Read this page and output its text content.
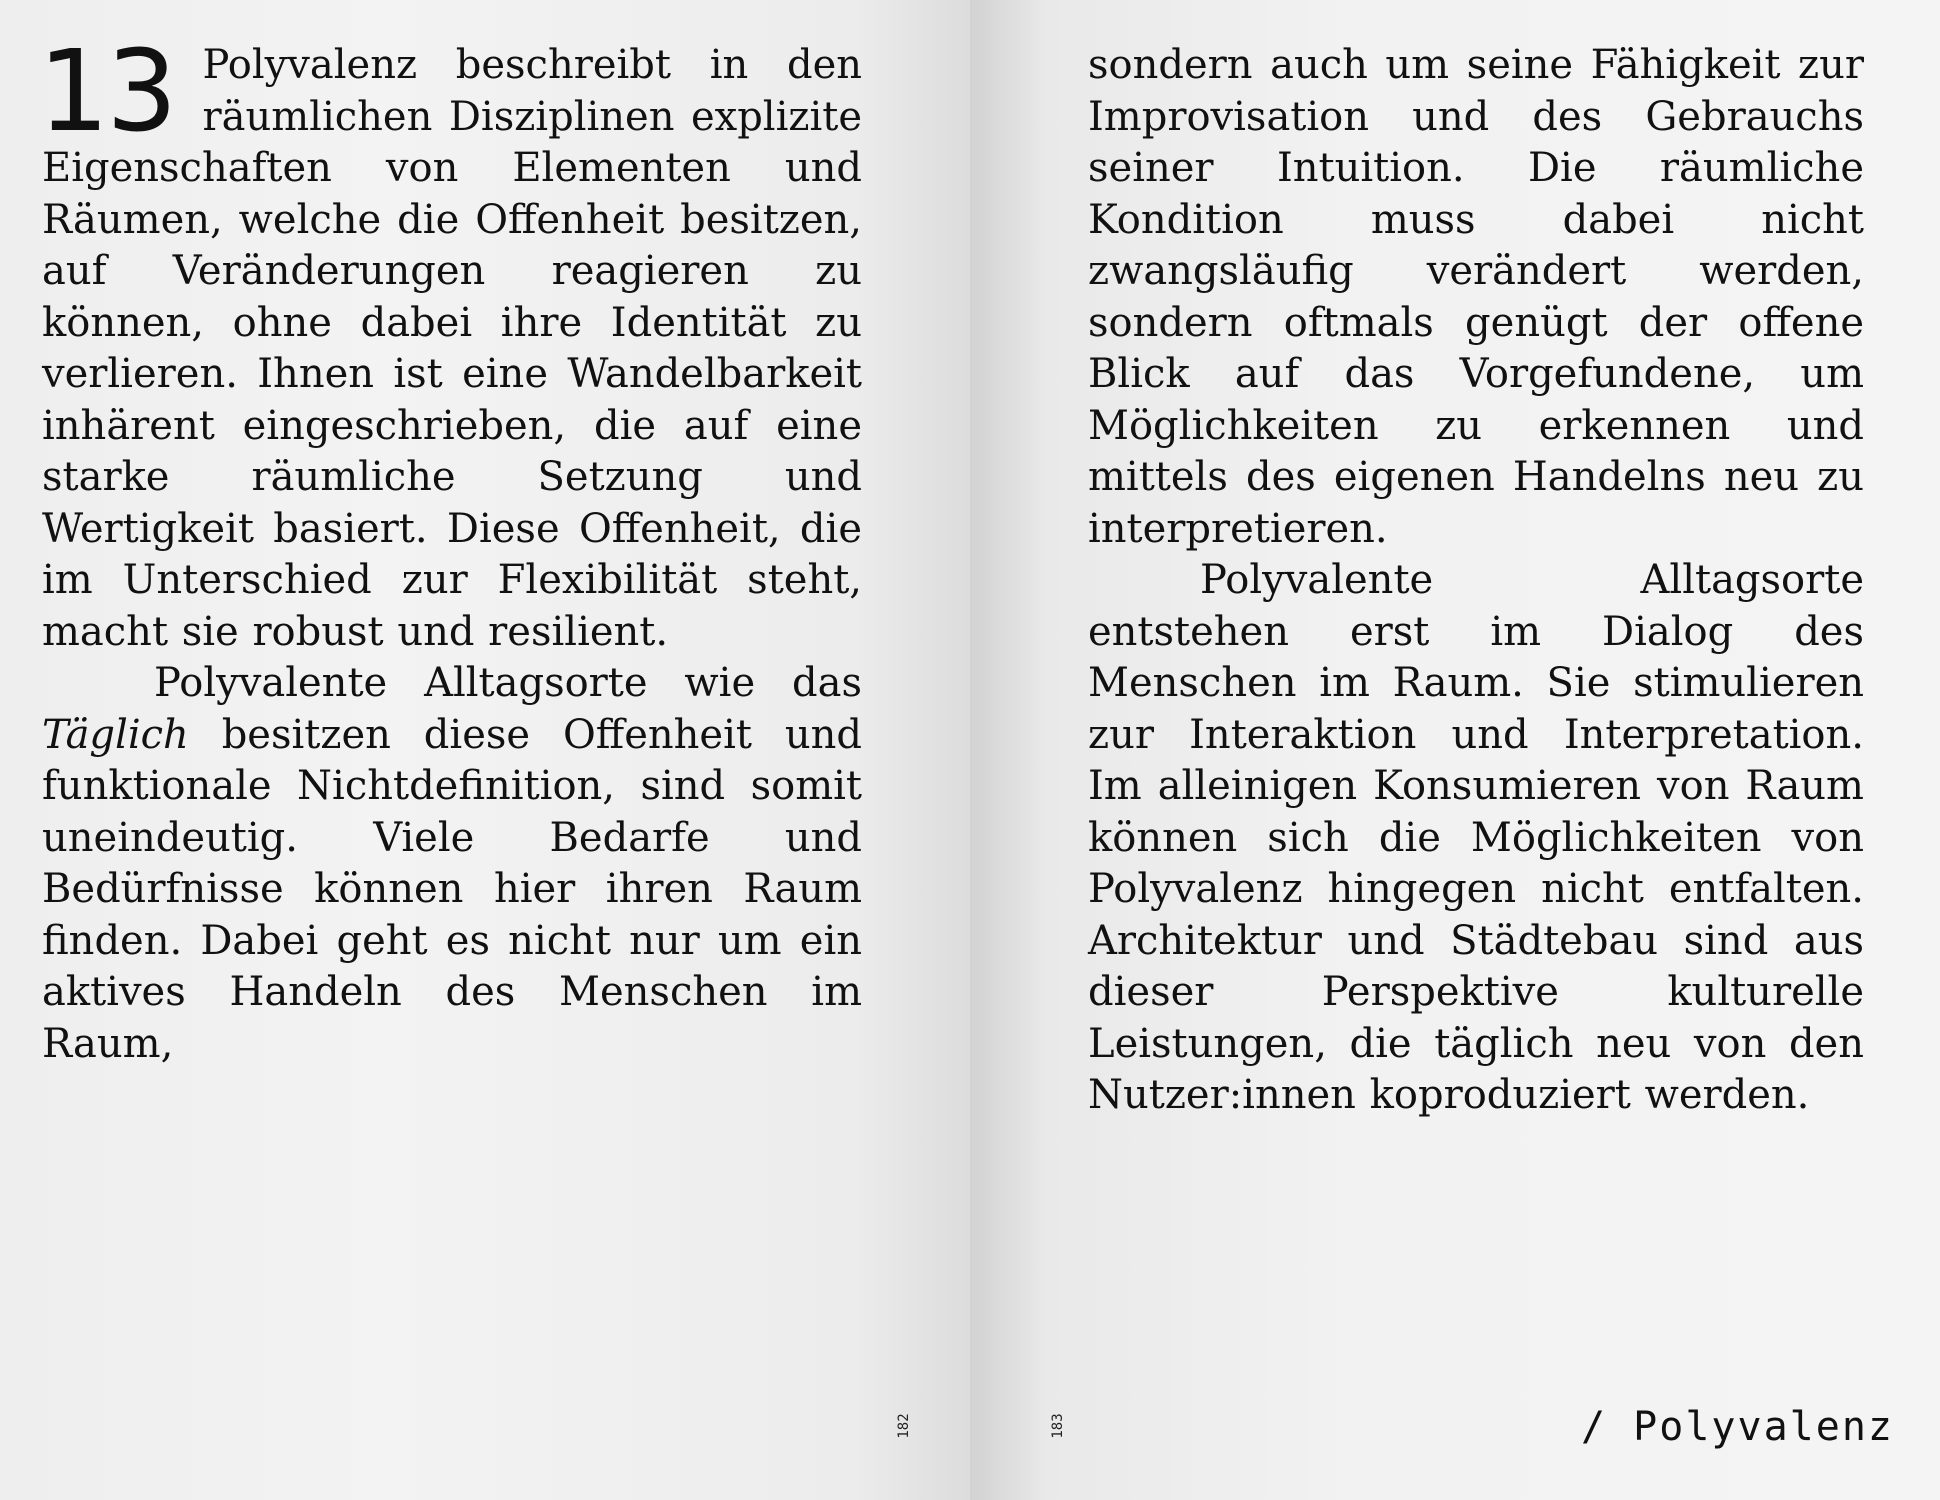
13 Polyvalenz beschreibt in den räumlichen Disziplinen explizite Eigenschaften von Elementen und Räumen, welche die Offenheit besitzen, auf Veränderungen reagieren zu können, ohne dabei ihre Identität zu verlieren. Ihnen ist eine Wandelbarkeit inhärent eingeschrieben, die auf eine starke räumliche Setzung und Wertigkeit basiert. Diese Offenheit, die im Unterschied zur Flexibilität steht, macht sie robust und resilient.

Polyvalente Alltagsorte wie das Täglich besitzen diese Offenheit und funktionale Nichtdefinition, sind somit uneindeutig. Viele Bedarfe und Bedürfnisse können hier ihren Raum finden. Dabei geht es nicht nur um ein aktives Handeln des Menschen im Raum,

182

sondern auch um seine Fähigkeit zur Improvisation und des Gebrauchs seiner Intuition. Die räumliche Kondition muss dabei nicht zwangsläufig verändert werden, sondern oftmals genügt der offene Blick auf das Vorgefundene, um Möglichkeiten zu erkennen und mittels des eigenen Handelns neu zu interpretieren.

Polyvalente Alltagsorte entstehen erst im Dialog des Menschen im Raum. Sie stimulieren zur Interaktion und Interpretation. Im alleinigen Konsumieren von Raum können sich die Möglichkeiten von Polyvalenz hingegen nicht entfalten. Architektur und Städtebau sind aus dieser Perspektive kulturelle Leistungen, die täglich neu von den Nutzer:innen koproduziert werden.

183	/ Polyvalenz
